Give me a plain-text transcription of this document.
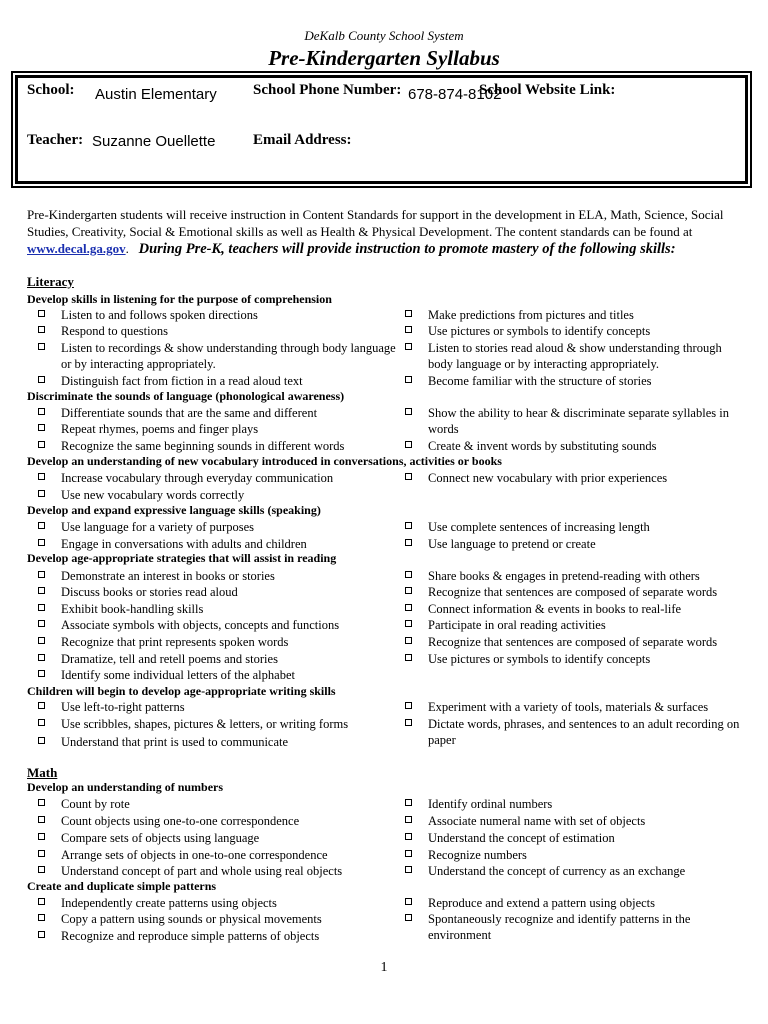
DeKalb County School System
Pre-Kindergarten Syllabus
School: Austin Elementary School Phone Number: 678-874-8102
School Website Link:
Teacher: Suzanne Ouellette	Email Address:
Pre-Kindergarten students will receive instruction in Content Standards for support in the development in ELA, Math, Science, Social Studies, Creativity, Social & Emotional skills as well as Health & Physical Development. The content standards can be found at
www.decal.ga.gov. During Pre-K, teachers will provide instruction to promote mastery of the following skills:
Literacy
Develop skills in listening for the purpose of comprehension
Discriminate the sounds of language (phonological awareness)
Develop an understanding of new vocabulary introduced in conversations, activities or books
Develop and expand expressive language skills (speaking)
Develop age-appropriate strategies that will assist in reading
Children will begin to develop age-appropriate writing skills
Math
Develop an understanding of numbers
Create and duplicate simple patterns
Listen to and follows spoken directions
Respond to questions
Listen to recordings & show understanding through body language or by interacting appropriately.
Distinguish fact from fiction in a read aloud text
Make predictions from pictures and titles
Use pictures or symbols to identify concepts
Listen to stories read aloud & show understanding through body language or by interacting appropriately.
Become familiar with the structure of stories
Differentiate sounds that are the same and different
Repeat rhymes, poems and finger plays
Recognize the same beginning sounds in different words
Show the ability to hear & discriminate separate syllables in words
Create & invent words by substituting sounds
Increase vocabulary through everyday communication
Use new vocabulary words correctly
Connect new vocabulary with prior experiences
Use language for a variety of purposes
Engage in conversations with adults and children
Use complete sentences of increasing length
Use language to pretend or create
Demonstrate an interest in books or stories
Discuss books or stories read aloud
Exhibit book-handling skills
Associate symbols with objects, concepts and functions
Recognize that print represents spoken words
Dramatize, tell and retell poems and stories
Identify some individual letters of the alphabet
Share books & engages in pretend-reading with others
Recognize that sentences are composed of separate words
Connect information & events in books to real-life
Participate in oral reading activities
Recognize that sentences are composed of separate words
Use pictures or symbols to identify concepts
Use left-to-right patterns
Use scribbles, shapes, pictures & letters, or writing forms
Understand that print is used to communicate
Experiment with a variety of tools, materials & surfaces
Dictate words, phrases, and sentences to an adult recording on paper
Count by rote
Count objects using one-to-one correspondence
Compare sets of objects using language
Arrange sets of objects in one-to-one correspondence
Understand concept of part and whole using real objects
Identify ordinal numbers
Associate numeral name with set of objects
Understand the concept of estimation
Recognize numbers
Understand the concept of currency as an exchange
Independently create patterns using objects
Copy a pattern using sounds or physical movements
Recognize and reproduce simple patterns of objects
Reproduce and extend a pattern using objects
Spontaneously recognize and identify patterns in the environment
1
